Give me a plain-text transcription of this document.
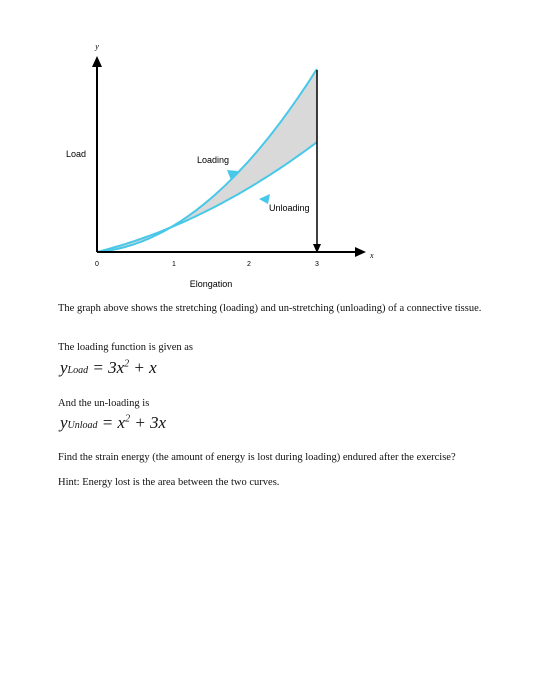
y
x
Load
Loading
Unloading
0	1	2	3
Elongation
The graph above shows the stretching (loading) and un-stretching (unloading) of a connective tissue.
The loading function is given as
yLoad = $3x^2 + x$
And the un-loading is
yUnload = $x^2 + 3x$
Find the strain energy (the amount of energy is lost during loading) endured after the exercise?
Hint: Energy lost is the area between the two curves.
